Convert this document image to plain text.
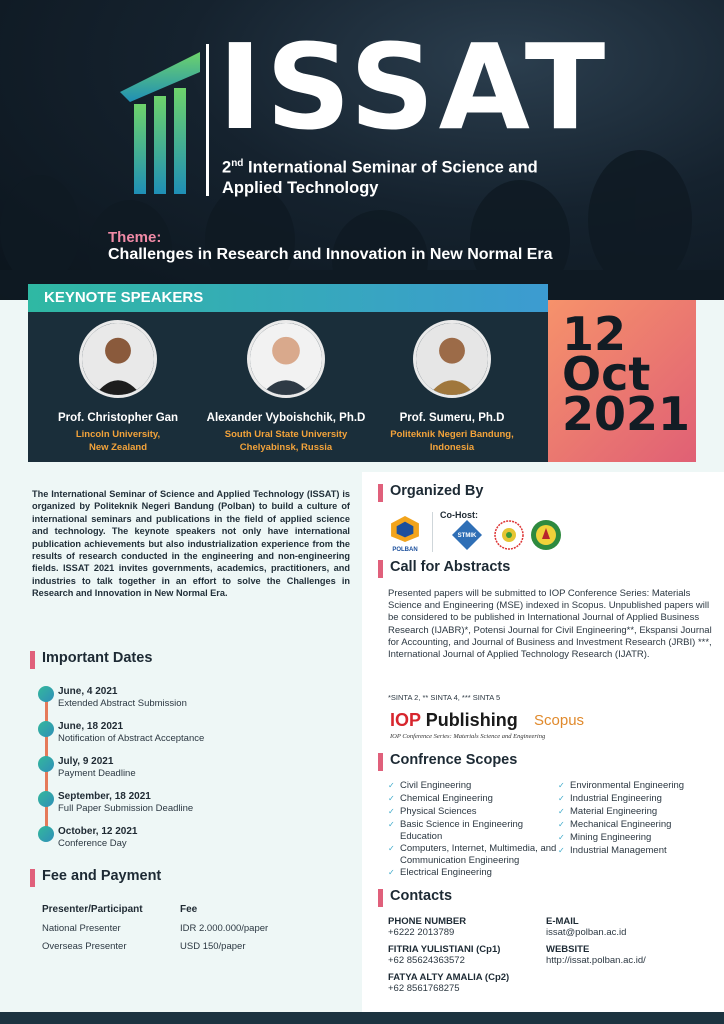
ISSAT
2nd International Seminar of Science and
Applied Technology
Theme:
Challenges in Research and Innovation in New Normal Era
KEYNOTE SPEAKERS
Prof. Christopher Gan
Lincoln University,
New Zealand
Alexander Vyboishchik, Ph.D
South Ural State University
Chelyabinsk, Russia
Prof. Sumeru, Ph.D
Politeknik Negeri Bandung,
Indonesia
12
Oct
2021
The International Seminar of Science and Applied Technology (ISSAT) is organized by Politeknik Negeri Bandung (Polban) to build a culture of international seminars and publications in the field of applied science and technology. The keynote speakers not only have international publication achievements but also industrialization experience from the results of research conducted in the engineering and non-engineering fields. ISSAT 2021 invites governments, academics, practitioners, and industries to talk together in an effort to solve the Challenges in Research and Innovation in New Normal Era.
Important Dates
June, 4 2021
Extended Abstract Submission
June, 18 2021
Notification of Abstract Acceptance
July, 9 2021
Payment Deadline
September, 18 2021
Full Paper Submission Deadline
October, 12 2021
Conference Day
Fee and Payment
Presenter/Participant	Fee
National Presenter	IDR 2.000.000/paper
Overseas Presenter	USD 150/paper
Organized By
POLBAN
Co-Host:
STMIK
Call for Abstracts
Presented papers will be submitted to IOP Conference Series: Materials Science and Engineering (MSE) indexed in Scopus. Unpublished papers will be considered to be published in International Journal of Applied Business Research (IJABR)*, Potensi Journal for Civil Engineering**, Ekspansi Journal for Accounting, and Journal of Business and Investment Research (JRBI) ***, International Journal of Applied Technology Research (IJATR).
*SINTA 2, ** SINTA 4, *** SINTA 5
IOP Publishing
IOP Conference Series: Materials Science and Engineering
Scopus
Confrence Scopes
✓ Civil Engineering
✓ Chemical Engineering
✓ Physical Sciences
✓ Basic Science in Engineering Education
✓ Computers, Internet, Multimedia, and Communication Engineering
✓ Electrical Engineering
✓ Environmental Engineering
✓ Industrial Engineering
✓ Material Engineering
✓ Mechanical Engineering
✓ Mining Engineering
✓ Industrial Management
Contacts
PHONE NUMBER
+6222 2013789
FITRIA YULISTIANI (Cp1)
+62 85624363572
FATYA ALTY AMALIA (Cp2)
+62 8561768275
E-MAIL
issat@polban.ac.id
WEBSITE
http://issat.polban.ac.id/
